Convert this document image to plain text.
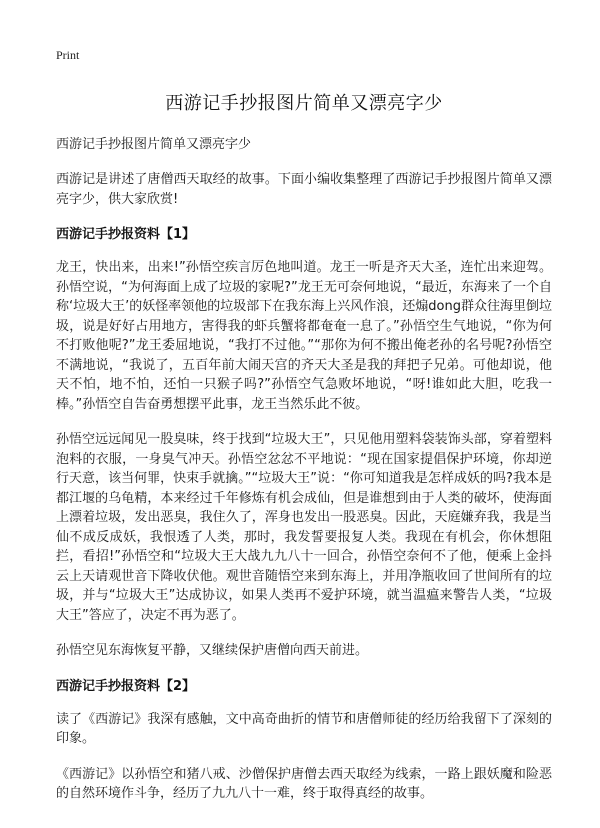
Print
西游记手抄报图片简单又漂亮字少
西游记手抄报图片简单又漂亮字少

西游记是讲述了唐僧西天取经的故事。下面小编收集整理了西游记手抄报图片简单又漂亮字少，供大家欣赏!

西游记手抄报资料【1】

龙王，快出来，出来!”孙悟空疾言厉色地叫道。龙王一听是齐天大圣，连忙出来迎驾。孙悟空说，“为何海面上成了垃圾的家呢?”龙王无可奈何地说，“最近，东海来了一个自称‘垃圾大王’的妖怪率领他的垃圾部下在我东海上兴风作浪，还煽dong群众往海里倒垃圾，说是好好占用地方，害得我的虾兵蟹将都奄奄一息了。”孙悟空生气地说，“你为何不打败他呢?”龙王委屈地说，“我打不过他。”“那你为何不搬出俺老孙的名号呢?孙悟空不满地说，“我说了，五百年前大闹天宫的齐天大圣是我的拜把子兄弟。可他却说，他天不怕，地不怕，还怕一只猴子吗?”孙悟空气急败坏地说，“呀!谁如此大胆，吃我一棒。”孙悟空自告奋勇想摆平此事，龙王当然乐此不彼。

孙悟空远远闻见一股臭味，终于找到“垃圾大王”，只见他用塑料袋装饰头部，穿着塑料泡料的衣服，一身臭气冲天。孙悟空忿忿不平地说：“现在国家提倡保护环境，你却逆行天意，该当何罪，快束手就擒。”“垃圾大王”说：“你可知道我是怎样成妖的吗?我本是都江堰的乌龟精，本来经过千年修炼有机会成仙，但是谁想到由于人类的破坏，使海面上漂着垃圾，发出恶臭，我住久了，浑身也发出一股恶臭。因此，天庭嫌弃我，我是当仙不成反成妖，我恨透了人类，那时，我发誓要报复人类。我现在有机会，你休想阻拦，看招!”孙悟空和“垃圾大王大战九九八十一回合，孙悟空奈何不了他，便乘上金抖云上天请观世音下降收伏他。观世音随悟空来到东海上，并用净瓶收回了世间所有的垃圾，并与“垃圾大王”达成协议，如果人类再不爱护环境，就当温瘟来警告人类，“垃圾大王”答应了，决定不再为恶了。

孙悟空见东海恢复平静，又继续保护唐僧向西天前进。

西游记手抄报资料【2】

读了《西游记》我深有感触，文中高奇曲折的情节和唐僧师徒的经历给我留下了深刻的印象。

《西游记》以孙悟空和猪八戒、沙僧保护唐僧去西天取经为线索，一路上跟妖魔和险恶的自然环境作斗争，经历了九九八十一难，终于取得真经的故事。
